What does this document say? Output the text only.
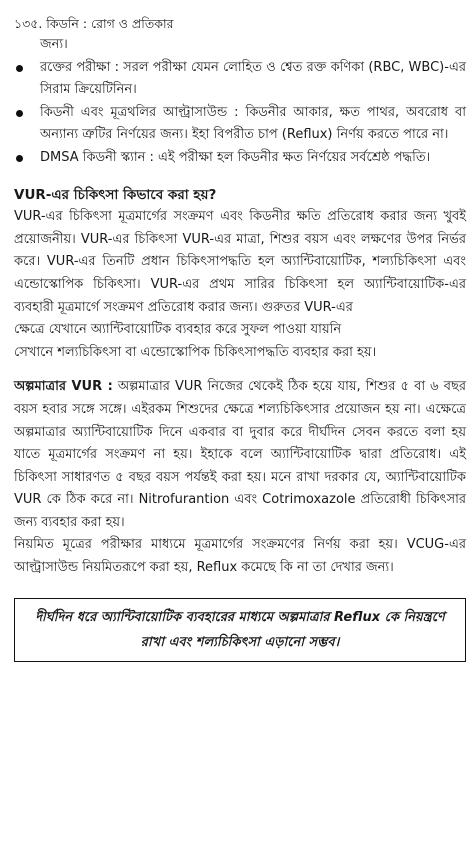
১৩৫. কিডনি : রোগ ও প্রতিকার
জন্য।
রক্তের পরীক্ষা : সরল পরীক্ষা যেমন লোহিত ও শ্বেত রক্ত কণিকা (RBC, WBC)-এর সিরাম ক্রিয়েটিনিন।
কিডনী এবং মূত্রথলির আল্ট্রাসাউন্ড : কিডনীর আকার, ক্ষত পাথর, অবরোধ বা অন্যান্য ত্রুটির নির্ণয়ের জন্য। ইহা বিপরীত চাপ (Reflux) নির্ণয় করতে পারে না।
DMSA কিডনী স্ক্যান : এই পরীক্ষা হল কিডনীর ক্ষত নির্ণয়ের সর্বশ্রেষ্ঠ পদ্ধতি।
VUR-এর চিকিৎসা কিভাবে করা হয়?

VUR-এর চিকিৎসা মূত্রমার্গের সংক্রমণ এবং কিডনীর ক্ষতি প্রতিরোধ করার জন্য খুবই প্রয়োজনীয়। VUR-এর চিকিৎসা VUR-এর মাত্রা, শিশুর বয়স এবং লক্ষণের উপর নির্ভর করে। VUR-এর তিনটি প্রধান চিকিৎসাপদ্ধতি হল অ্যান্টিবায়োটিক, শল্যচিকিৎসা এবং এন্ডোস্কোপিক চিকিৎসা। VUR-এর প্রথম সারির চিকিৎসা হল অ্যান্টিবায়োটিক-এর ব্যবহারী মূত্রমার্গে সংক্রমণ প্রতিরোধ করার জন্য। গুরুতর VUR-এর

ক্ষেত্রে যেখানে অ্যান্টিবায়োটিক ব্যবহার করে সুফল পাওয়া যায়নি

সেখানে শল্যচিকিৎসা বা এন্ডোস্কোপিক চিকিৎসাপদ্ধতি ব্যবহার করা হয়।

অল্পমাত্রার VUR : অল্পমাত্রার VUR নিজের থেকেই ঠিক হয়ে যায়, শিশুর ৫ বা ৬ বছর বয়স হবার সঙ্গে সঙ্গে। এইরকম শিশুদের ক্ষেত্রে শল্যচিকিৎসার প্রয়োজন হয় না। এক্ষেত্রে অল্পমাত্রার অ্যান্টিবায়োটিক দিনে একবার বা দুবার করে দীর্ঘদিন সেবন করতে বলা হয় যাতে মূত্রমার্গের সংক্রমণ না হয়। ইহাকে বলে অ্যান্টিবায়োটিক দ্বারা প্রতিরোধ। এই চিকিৎসা সাধারণত ৫ বছর বয়স পর্যন্তই করা হয়। মনে রাখা দরকার যে, অ্যান্টিবায়োটিক VUR কে ঠিক করে না। Nitrofurantion এবং Cotrimoxazole প্রতিরোধী চিকিৎসার জন্য ব্যবহার করা হয়।

নিয়মিত মূত্রের পরীক্ষার মাধ্যমে মূত্রমার্গের সংক্রমণের নির্ণয় করা হয়। VCUG-এর আল্ট্রাসাউন্ড নিয়মিতরূপে করা হয়, Reflux কমেছে কি না তা দেখার জন্য।

দীর্ঘদিন ধরে অ্যান্টিবায়োটিক ব্যবহারের মাধ্যমে অল্পমাত্রার Reflux কে নিয়ন্ত্রণে রাখা এবং শল্যচিকিৎসা এড়ানো সম্ভব।
